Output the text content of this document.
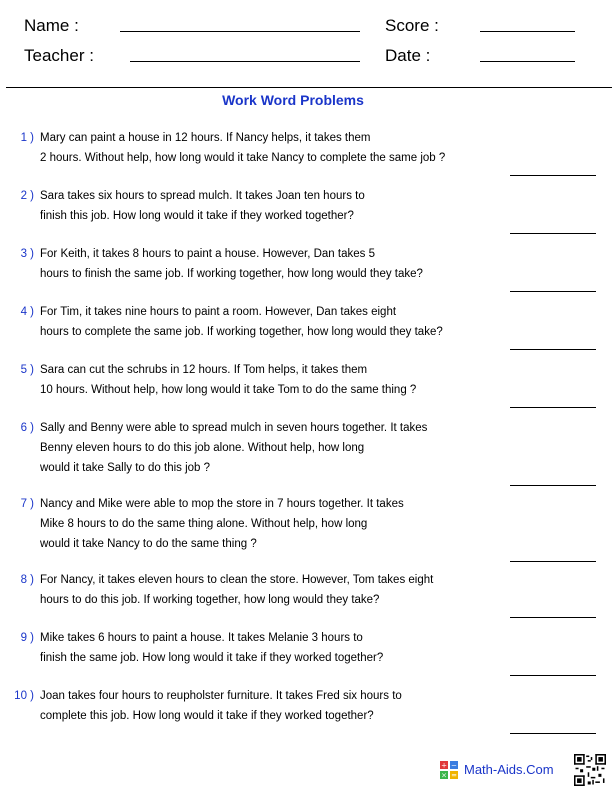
Name :
Teacher :
Score :
Date :
Work Word Problems
1 ) Mary can paint a house in 12 hours. If Nancy helps, it takes them
2 hours. Without help, how long would it take Nancy to complete the same job ?
2 ) Sara takes six hours to spread mulch. It takes Joan ten hours to
finish this job. How long would it take if they worked together?
3 ) For Keith, it takes 8 hours to paint a house. However, Dan takes 5
hours to finish the same job. If working together, how long would they take?
4 ) For Tim, it takes nine hours to paint a room. However, Dan takes eight
hours to complete the same job. If working together, how long would they take?
5 ) Sara can cut the schrubs in 12 hours. If Tom helps, it takes them
10 hours. Without help, how long would it take Tom to do the same thing ?
6 ) Sally and Benny were able to spread mulch in seven hours together. It takes
Benny eleven hours to do this job alone. Without help, how long
would it take Sally to do this job ?
7 ) Nancy and Mike were able to mop the store in 7 hours together. It takes
Mike 8 hours to do the same thing alone. Without help, how long
would it take Nancy to do the same thing ?
8 ) For Nancy, it takes eleven hours to clean the store. However, Tom takes eight
hours to do this job. If working together, how long would they take?
9 ) Mike takes 6 hours to paint a house. It takes Melanie 3 hours to
finish the same job. How long would it take if they worked together?
10 ) Joan takes four hours to reupholster furniture. It takes Fred six hours to
complete this job. How long would it take if they worked together?
+ −
× = Math-Aids.Com
